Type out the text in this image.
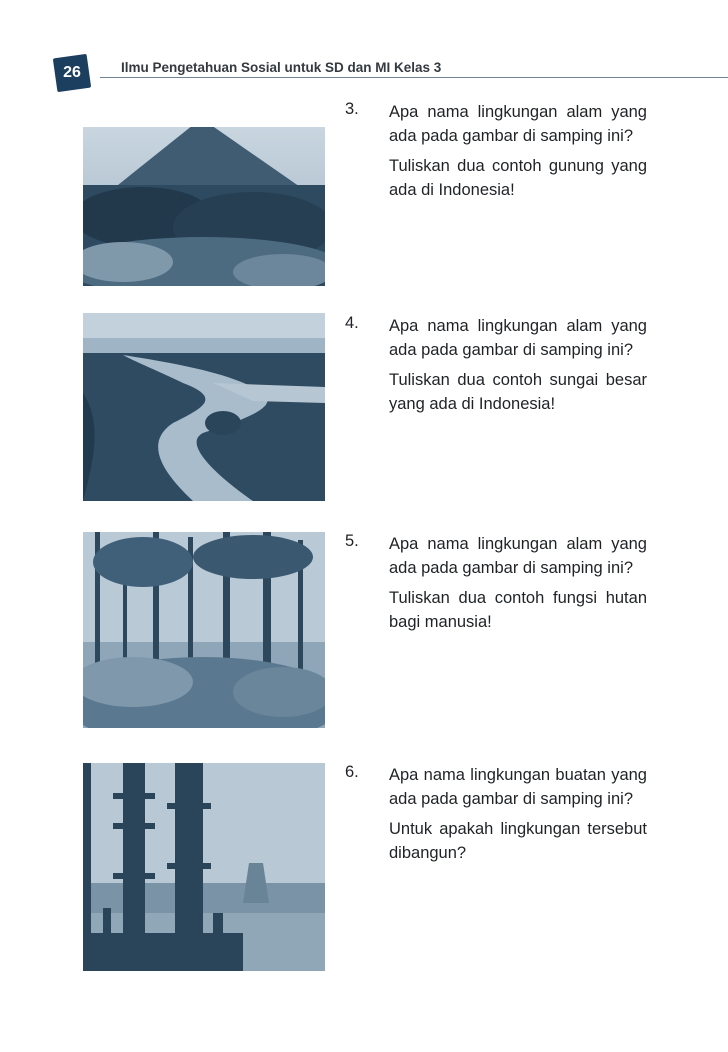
26	Ilmu Pengetahuan Sosial untuk SD dan MI Kelas 3
3. Apa nama lingkungan alam yang ada pada gambar di samping ini?

Tuliskan dua contoh gunung yang ada di Indonesia!

4. Apa nama lingkungan alam yang ada pada gambar di samping ini?

Tuliskan dua contoh sungai besar yang ada di Indonesia!

5. Apa nama lingkungan alam yang ada pada gambar di samping ini?

Tuliskan dua contoh fungsi hutan bagi manusia!

6. Apa nama lingkungan buatan yang ada pada gambar di samping ini?

Untuk apakah lingkungan tersebut dibangun?
